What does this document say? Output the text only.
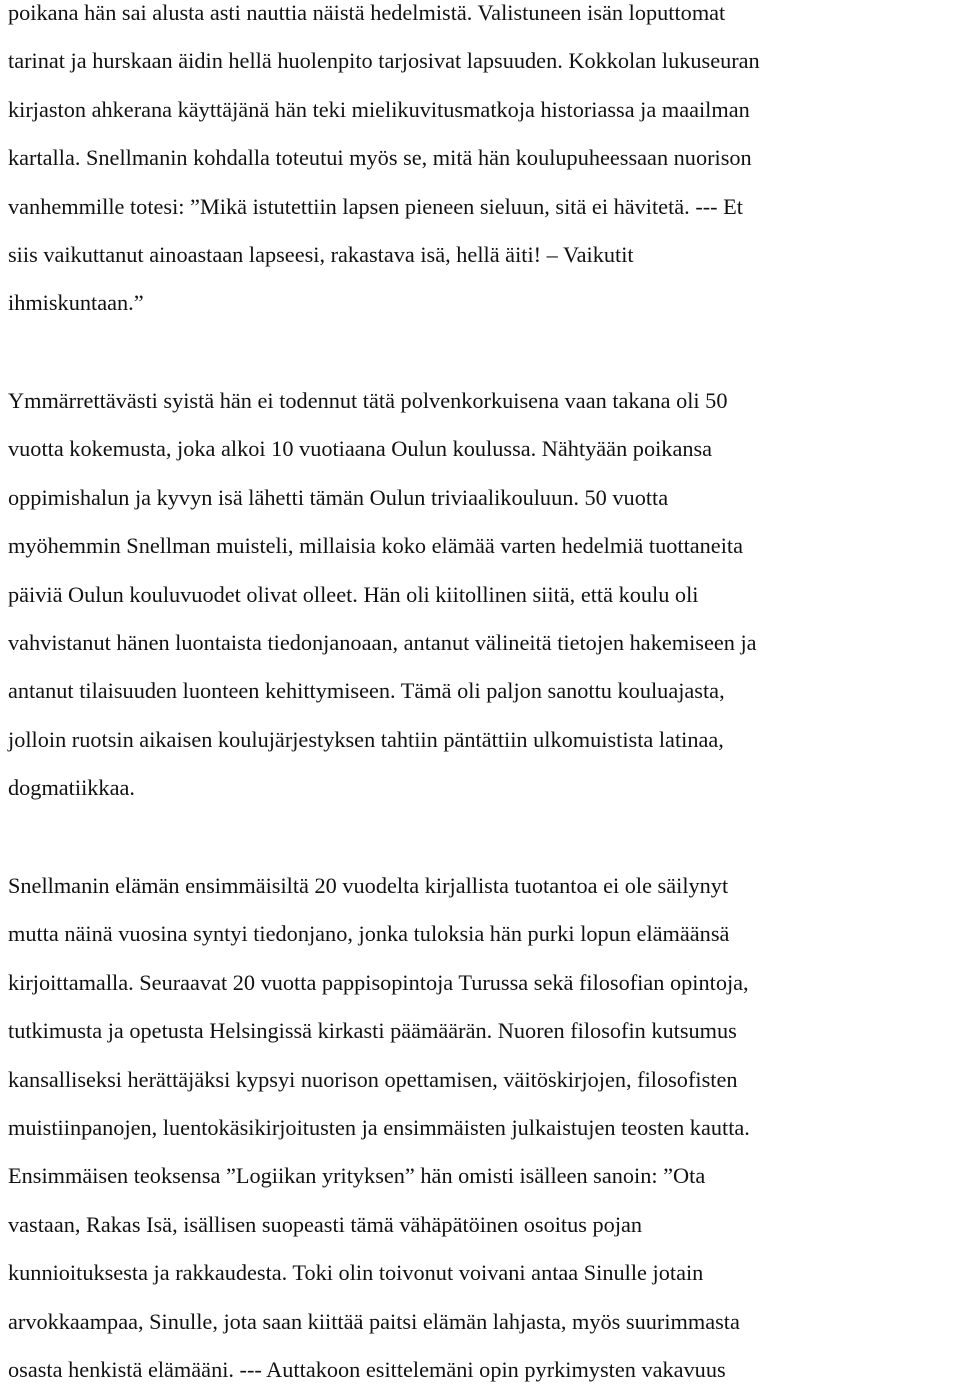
poikana hän sai alusta asti nauttia näistä hedelmistä. Valistuneen isän loputtomat
tarinat ja hurskaan äidin hellä huolenpito tarjosivat lapsuuden. Kokkolan lukuseuran
kirjaston ahkerana käyttäjänä hän teki mielikuvitusmatkoja historiassa ja maailman
kartalla. Snellmanin kohdalla toteutui myös se, mitä hän koulupuheessaan nuorison
vanhemmille totesi: ”Mikä istutettiin lapsen pieneen sieluun, sitä ei hävitetä. --- Et
siis vaikuttanut ainoastaan lapseesi, rakastava isä, hellä äiti! – Vaikutit
ihmiskuntaan.”

Ymmärrettävästi syistä hän ei todennut tätä polvenkorkuisena vaan takana oli 50
vuotta kokemusta, joka alkoi 10 vuotiaana Oulun koulussa. Nähtyään poikansa
oppimishalun ja kyvyn isä lähetti tämän Oulun triviaalikouluun. 50 vuotta
myöhemmin Snellman muisteli, millaisia koko elämää varten hedelmiä tuottaneita
päiviä Oulun kouluvuodet olivat olleet. Hän oli kiitollinen siitä, että koulu oli
vahvistanut hänen luontaista tiedonjanoaan, antanut välineitä tietojen hakemiseen ja
antanut tilaisuuden luonteen kehittymiseen. Tämä oli paljon sanottu kouluajasta,
jolloin ruotsin aikaisen koulujärjestyksen tahtiin päntättiin ulkomuistista latinaa,
dogmatiikkaa.

Snellmanin elämän ensimmäisiltä 20 vuodelta kirjallista tuotantoa ei ole säilynyt
mutta näinä vuosina syntyi tiedonjano, jonka tuloksia hän purki lopun elämäänsä
kirjoittamalla. Seuraavat 20 vuotta pappisopintoja Turussa sekä filosofian opintoja,
tutkimusta ja opetusta Helsingissä kirkasti päämäärän. Nuoren filosofin kutsumus
kansalliseksi herättäjäksi kypsyi nuorison opettamisen, väitöskirjojen, filosofisten
muistiinpanojen, luentokäsikirjoitusten ja ensimmäisten julkaistujen teosten kautta.
Ensimmäisen teoksensa ”Logiikan yrityksen” hän omisti isälleen sanoin: ”Ota
vastaan, Rakas Isä, isällisen suopeasti tämä vähäpätöinen osoitus pojan
kunnioituksesta ja rakkaudesta. Toki olin toivonut voivani antaa Sinulle jotain
arvokkaampaa, Sinulle, jota saan kiittää paitsi elämän lahjasta, myös suurimmasta
osasta henkistä elämääni. --- Auttakoon esittelemäni opin pyrkimysten vakavuus
